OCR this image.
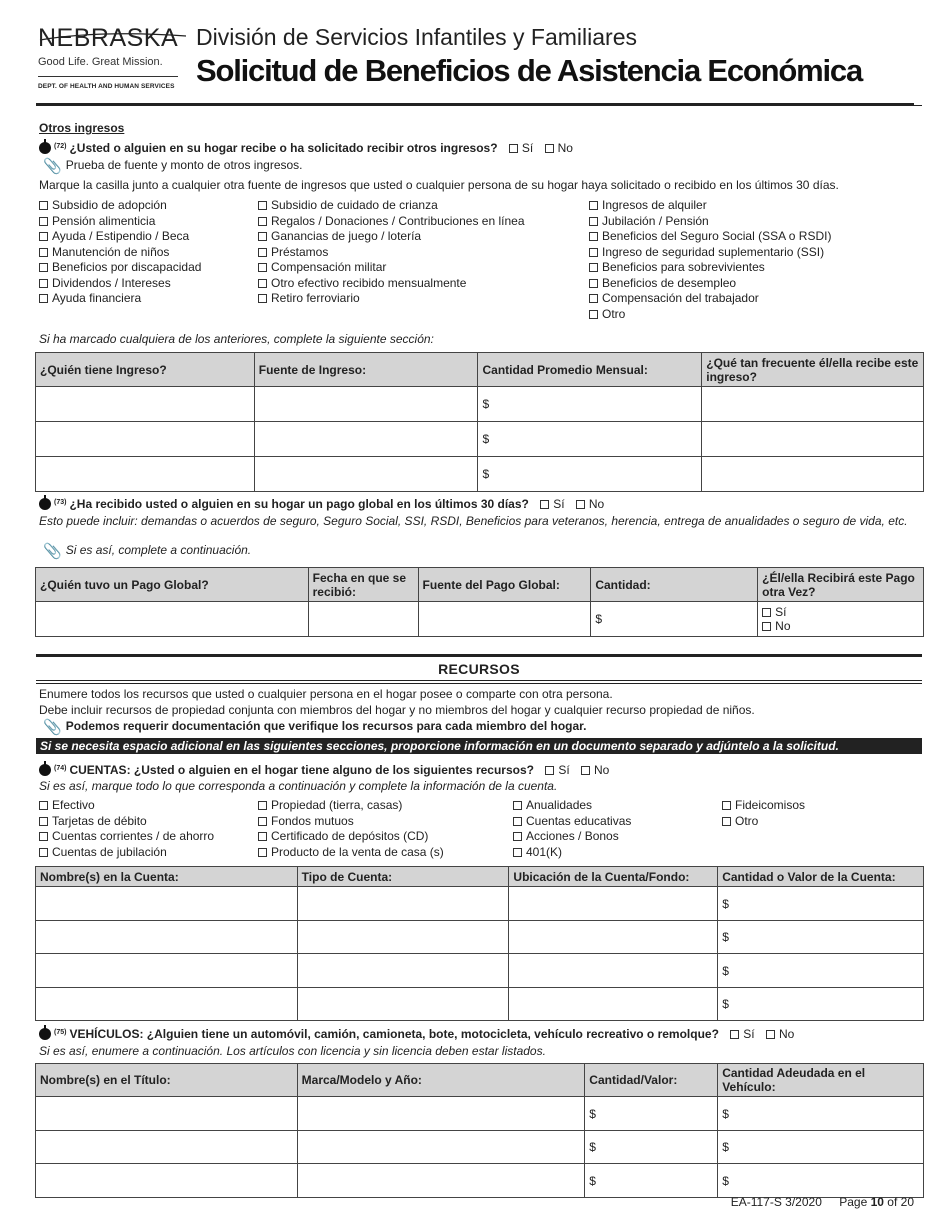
NEBRASKA
Good Life. Great Mission.
DEPT. OF HEALTH AND HUMAN SERVICES
División de Servicios Infantiles y Familiares
Solicitud de Beneficios de Asistencia Económica
Otros ingresos
$^{(72)}$ ¿Usted o alguien en su hogar recibe o ha solicitado recibir otros ingresos? Sí No
📎 Prueba de fuente y monto de otros ingresos.
Marque la casilla junto a cualquier otra fuente de ingresos que usted o cualquier persona de su hogar haya solicitado o recibido en los últimos 30 días.
Subsidio de adopción
Pensión alimenticia
Ayuda / Estipendio / Beca
Manutención de niños
Beneficios por discapacidad
Dividendos / Intereses
Ayuda financiera
Subsidio de cuidado de crianza
Regalos / Donaciones / Contribuciones en línea
Ganancias de juego / lotería
Préstamos
Compensación militar
Otro efectivo recibido mensualmente
Retiro ferroviario
Ingresos de alquiler
Jubilación / Pensión
Beneficios del Seguro Social (SSA o RSDI)
Ingreso de seguridad suplementario (SSI)
Beneficios para sobrevivientes
Beneficios de desempleo
Compensación del trabajador
Otro
Si ha marcado cualquiera de los anteriores, complete la siguiente sección:
¿Quién tiene Ingreso?	Fuente de Ingreso:	Cantidad Promedio Mensual:	¿Qué tan frecuente él/ella recibe este ingreso?
		$	
		$	
		$	
$^{(73)}$ ¿Ha recibido usted o alguien en su hogar un pago global en los últimos 30 días? Sí No
Esto puede incluir: demandas o acuerdos de seguro, Seguro Social, SSI, RSDI, Beneficios para veteranos, herencia, entrega de anualidades o seguro de vida, etc.
📎 Si es así, complete a continuación.
¿Quién tuvo un Pago Global?	Fecha en que se recibió:	Fuente del Pago Global:	Cantidad:	¿Él/ella Recibirá este Pago otra Vez?
			$	Sí
No
RECURSOS
Enumere todos los recursos que usted o cualquier persona en el hogar posee o comparte con otra persona.
Debe incluir recursos de propiedad conjunta con miembros del hogar y no miembros del hogar y cualquier recurso propiedad de niños.
📎 Podemos requerir documentación que verifique los recursos para cada miembro del hogar.
Si se necesita espacio adicional en las siguientes secciones, proporcione información en un documento separado y adjúntelo a la solicitud.
$^{(74)}$ CUENTAS: ¿Usted o alguien en el hogar tiene alguno de los siguientes recursos? Sí No
Si es así, marque todo lo que corresponda a continuación y complete la información de la cuenta.
Efectivo
Tarjetas de débito
Cuentas corrientes / de ahorro
Cuentas de jubilación
Propiedad (tierra, casas)
Fondos mutuos
Certificado de depósitos (CD)
Producto de la venta de casa (s)
Anualidades
Cuentas educativas
Acciones / Bonos
401(K)
Fideicomisos
Otro
Nombre(s) en la Cuenta:	Tipo de Cuenta:	Ubicación de la Cuenta/Fondo:	Cantidad o Valor de la Cuenta:
			$
			$
			$
			$
$^{(75)}$ VEHÍCULOS: ¿Alguien tiene un automóvil, camión, camioneta, bote, motocicleta, vehículo recreativo o remolque? Sí No
Si es así, enumere a continuación. Los artículos con licencia y sin licencia deben estar listados.
Nombre(s) en el Título:	Marca/Modelo y Año:	Cantidad/Valor:	Cantidad Adeudada en el Vehículo:
		$	$
		$	$
		$	$
EA-117-S 3/2020 Page 10 of 20
